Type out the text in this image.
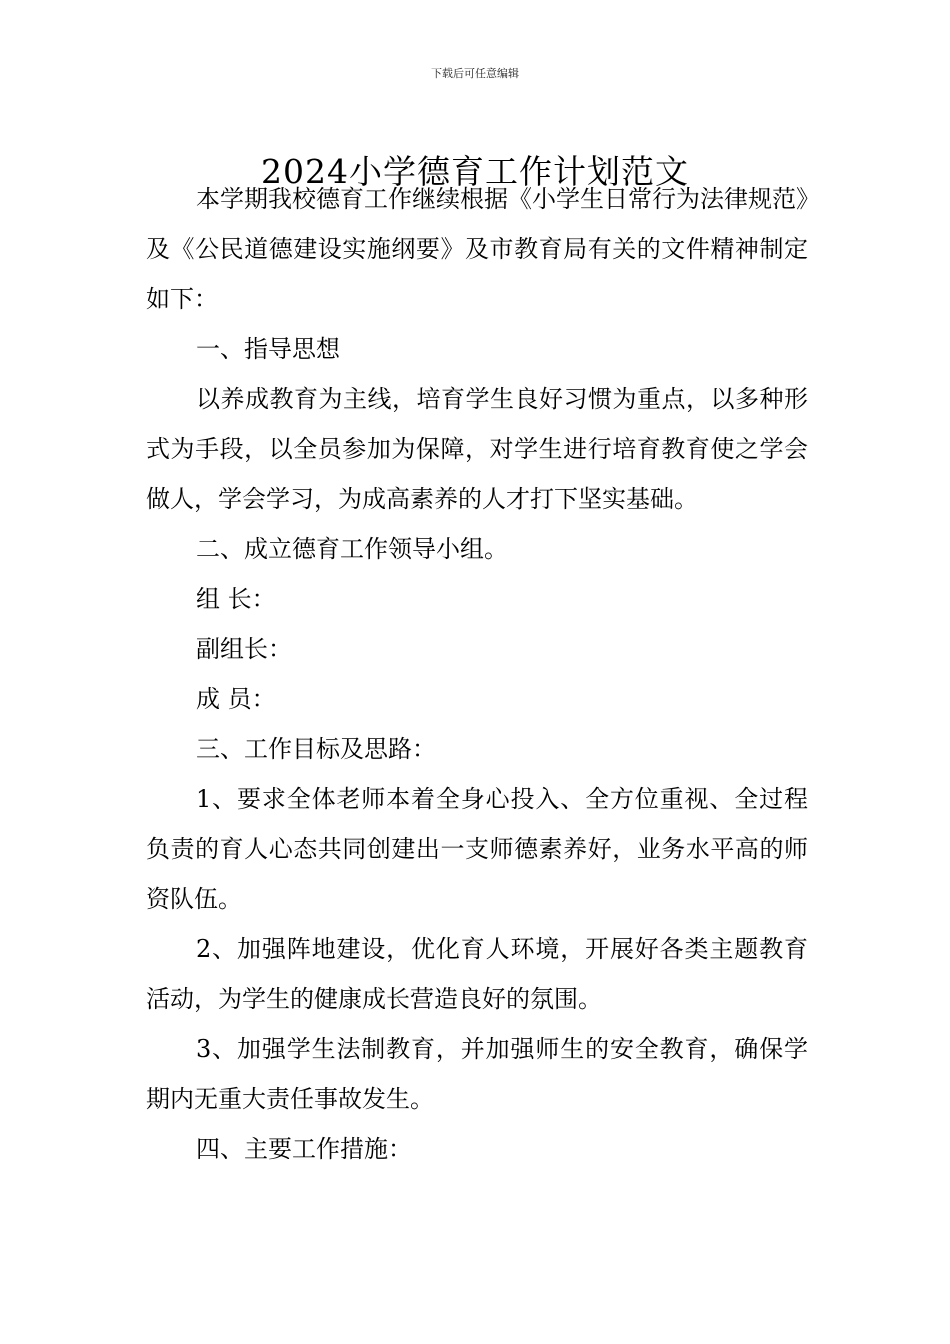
下载后可任意编辑
2024小学德育工作计划范文

本学期我校德育工作继续根据《小学生日常行为法律规范》及《公民道德建设实施纲要》及市教育局有关的文件精神制定如下：

一、指导思想

以养成教育为主线，培育学生良好习惯为重点，以多种形式为手段，以全员参加为保障，对学生进行培育教育使之学会做人，学会学习，为成高素养的人才打下坚实基础。

二、成立德育工作领导小组。

组 长：

副组长：

成 员：

三、工作目标及思路：

1、要求全体老师本着全身心投入、全方位重视、全过程负责的育人心态共同创建出一支师德素养好，业务水平高的师资队伍。

2、加强阵地建设，优化育人环境，开展好各类主题教育活动，为学生的健康成长营造良好的氛围。

3、加强学生法制教育，并加强师生的安全教育，确保学期内无重大责任事故发生。

四、主要工作措施：
